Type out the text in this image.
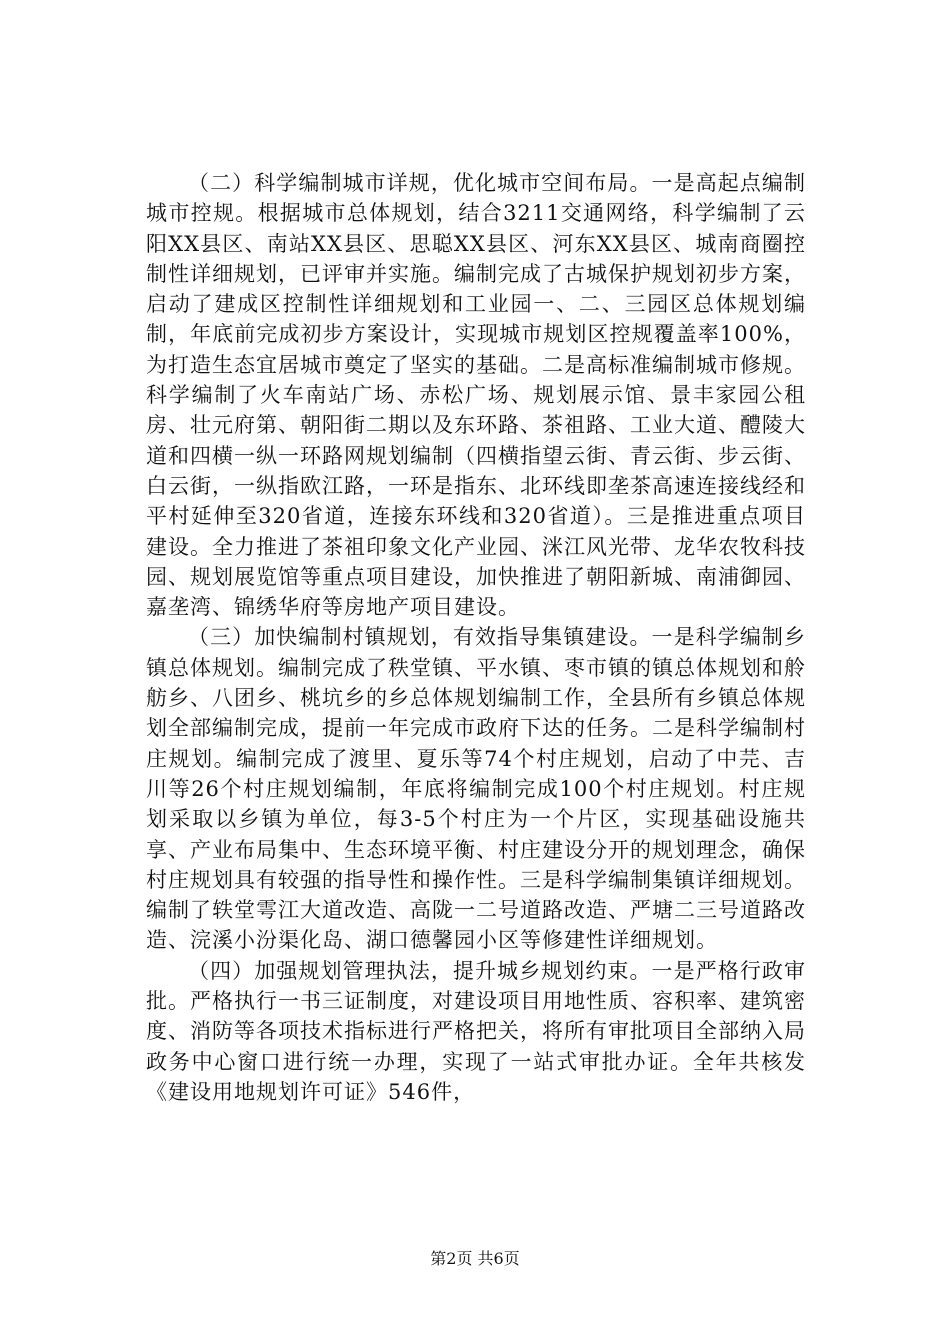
（二）科学编制城市详规，优化城市空间布局。一是高起点编制城市控规。根据城市总体规划，结合3211交通网络，科学编制了云阳XX县区、南站XX县区、思聪XX县区、河东XX县区、城南商圈控制性详细规划，已评审并实施。编制完成了古城保护规划初步方案，启动了建成区控制性详细规划和工业园一、二、三园区总体规划编制，年底前完成初步方案设计，实现城市规划区控规覆盖率100%，为打造生态宜居城市奠定了坚实的基础。二是高标准编制城市修规。科学编制了火车南站广场、赤松广场、规划展示馆、景丰家园公租房、壮元府第、朝阳街二期以及东环路、茶祖路、工业大道、醴陵大道和四横一纵一环路网规划编制（四横指望云街、青云街、步云街、白云街，一纵指欧江路，一环是指东、北环线即垄茶高速连接线经和平村延伸至320省道，连接东环线和320省道）。三是推进重点项目建设。全力推进了茶祖印象文化产业园、洣江风光带、龙华农牧科技园、规划展览馆等重点项目建设，加快推进了朝阳新城、南浦御园、嘉垄湾、锦绣华府等房地产项目建设。

（三）加快编制村镇规划，有效指导集镇建设。一是科学编制乡镇总体规划。编制完成了秩堂镇、平水镇、枣市镇的镇总体规划和舲舫乡、八团乡、桃坑乡的乡总体规划编制工作，全县所有乡镇总体规划全部编制完成，提前一年完成市政府下达的任务。二是科学编制村庄规划。编制完成了渡里、夏乐等74个村庄规划，启动了中芫、吉川等26个村庄规划编制，年底将编制完成100个村庄规划。村庄规划采取以乡镇为单位，每3-5个村庄为一个片区，实现基础设施共享、产业布局集中、生态环境平衡、村庄建设分开的规划理念，确保村庄规划具有较强的指导性和操作性。三是科学编制集镇详细规划。编制了轶堂雩江大道改造、高陇一二号道路改造、严塘二三号道路改造、浣溪小汾渠化岛、湖口德馨园小区等修建性详细规划。

（四）加强规划管理执法，提升城乡规划约束。一是严格行政审批。严格执行一书三证制度，对建设项目用地性质、容积率、建筑密度、消防等各项技术指标进行严格把关，将所有审批项目全部纳入局政务中心窗口进行统一办理，实现了一站式审批办证。全年共核发《建设用地规划许可证》546件，

第2页 共6页
